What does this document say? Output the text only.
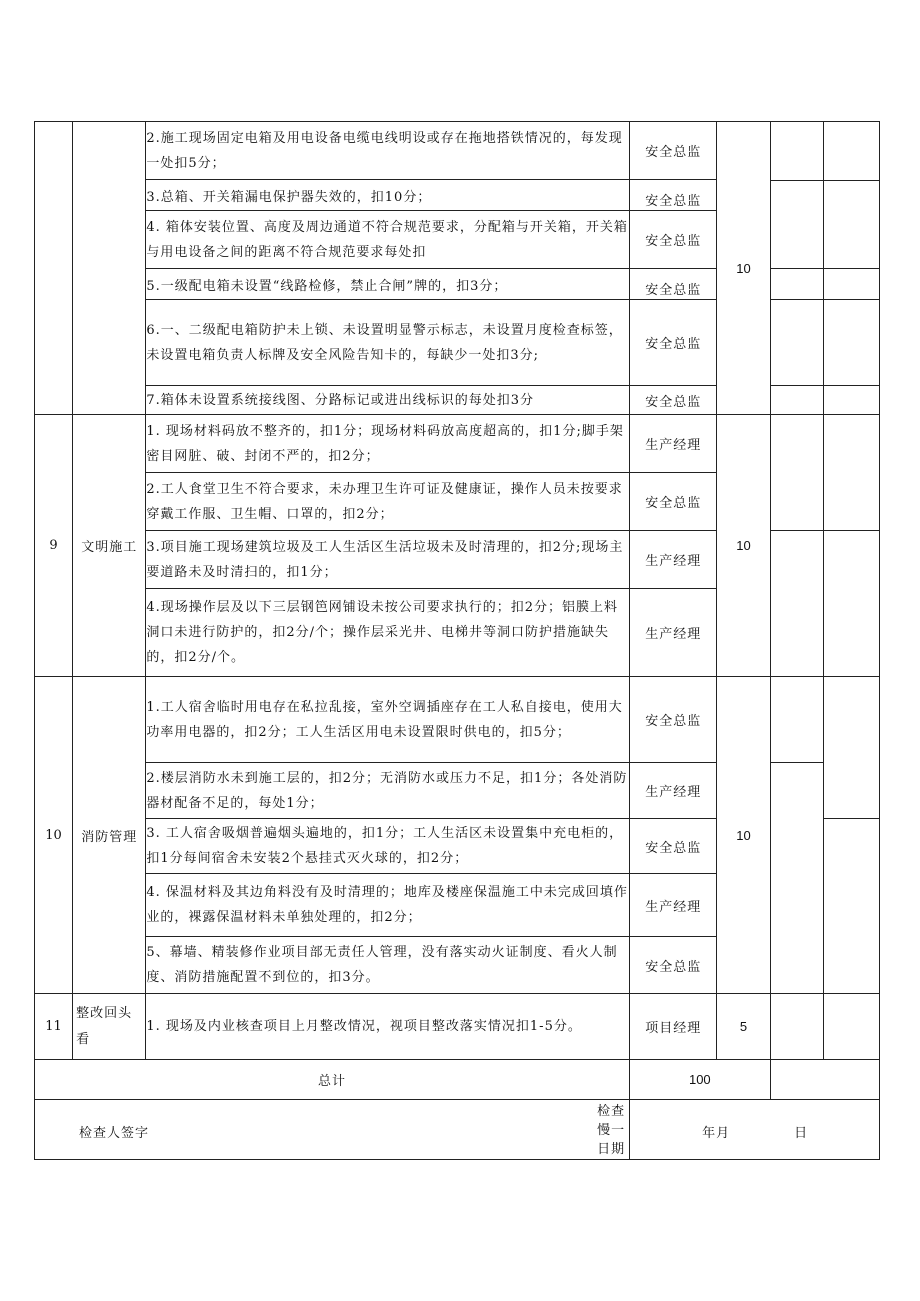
		2.施工现场固定电箱及用电设备电缆电线明设或存在拖地搭铁情况的，每发现一处扣5分；	安全总监	10		
		3.总箱、开关箱漏电保护器失效的，扣10分；	安全总监			

		4. 箱体安装位置、高度及周边通道不符合规范要求，分配箱与开关箱，开关箱与用电设备之间的距离不符合规范要求每处扣	安全总监			
		5.一级配电箱未设置“线路检修，禁止合闸”牌的，扣3分；	安全总监			

		6.一、二级配电箱防护未上锁、未设置明显警示标志，未设置月度检查标签，未设置电箱负责人标牌及安全风险告知卡的，每缺少一处扣3分;	安全总监			

		7.箱体未设置系统接线图、分路标记或进出线标识的每处扣3分	安全总监			
9	文明施工	1. 现场材料码放不整齐的，扣1分；现场材料码放高度超高的，扣1分;脚手架密目网脏、破、封闭不严的，扣2分；	生产经理	10		
		2.工人食堂卫生不符合要求，未办理卫生许可证及健康证，操作人员未按要求穿戴工作服、卫生帽、口罩的，扣2分；	安全总监			
		3.项目施工现场建筑垃圾及工人生活区生活垃圾未及时清理的，扣2分;现场主要道路未及时清扫的，扣1分；	生产经理			
		4.现场操作层及以下三层钢笆网铺设未按公司要求执行的；扣2分；铝膜上料洞口未进行防护的，扣2分/个；操作层采光井、电梯井等洞口防护措施缺失的，扣2分/个。	生产经理			
10	消防管理	1.工人宿舍临时用电存在私拉乱接，室外空调插座存在工人私自接电，使用大功率用电器的，扣2分；工人生活区用电未设置限时供电的，扣5分；	安全总监	10		
		2.楼层消防水未到施工层的，扣2分；无消防水或压力不足，扣1分；各处消防器材配备不足的，每处1分；	生产经理			
		3. 工人宿舍吸烟普遍烟头遍地的，扣1分；工人生活区未设置集中充电柜的，扣1分每间宿舍未安装2个悬挂式灭火球的，扣2分；	安全总监			
		4. 保温材料及其边角料没有及时清理的；地库及楼座保温施工中未完成回填作业的，裸露保温材料未单独处理的，扣2分；	生产经理			
		5、幕墙、精装修作业项目部无责任人管理，没有落实动火证制度、看火人制度、消防措施配置不到位的，扣3分。	安全总监			
11	整改回头看	1. 现场及内业核查项目上月整改情况，视项目整改落实情况扣1-5分。	项目经理	5		
总计			100			

检查人签字
检查
慢一
日期			年月 日			
